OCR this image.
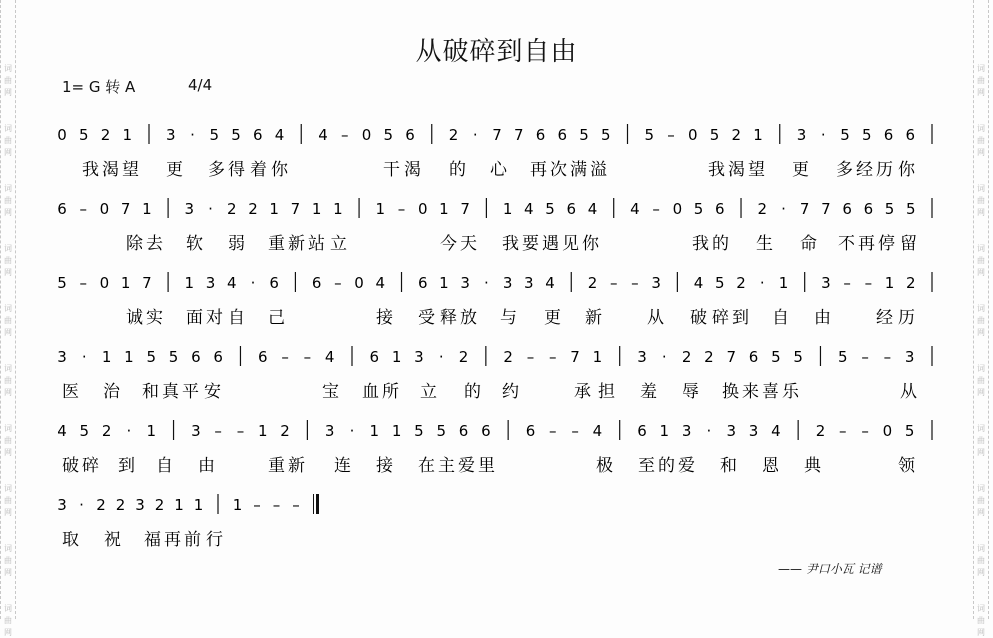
词
曲
网
词
曲
网
词
曲
网
词
曲
网
词
曲
网
词
曲
网
词
曲
网
词
曲
网
词
曲
网
词
曲
网
词
曲
网
词
曲
网
词
曲
网
词
曲
网
词
曲
网
词
曲
网
词
曲
网
词
曲
网
词
曲
网
词
曲
网
从破碎到自由
1= G 转 A	4/4
0 5 2 1 3 · 5 5 6 4 4 – 0 5 6 2 · 7 7 6 6 5 5 5 – 0 5 2 1 3 · 5 5 6 6
我 渴 望 更 多 得 着 你	干 渴 的 心 再 次 满 溢	我 渴 望 更 多 经 历 你
6 – 0 7 1 3 · 2 2 1 7 1 1 1 – 0 1 7 1 4 5 6 4 4 – 0 5 6 2 · 7 7 6 6 5 5
除 去 软 弱 重 新 站 立	今 天 我 要 遇 见 你	我 的 生 命 不 再 停 留
5 – 0 1 7 1 3 4 · 6 6 – 0 4 6 1 3 · 3 3 4 2 – – 3 4 5 2 · 1 3 – – 1 2
诚 实 面 对 自 己	接 受 释 放 与 更 新	从 破 碎 到 自 由	经 历
3 · 1 1 5 5 6 6 6 – – 4 6 1 3 · 2 2 – – 7 1 3 · 2 2 7 6 5 5 5 – – 3
医 治 和 真 平 安	宝 血 所 立 的 约	承 担 羞 辱 换 来 喜 乐	从
4 5 2 · 1 3 – – 1 2 3 · 1 1 5 5 6 6 6 – – 4 6 1 3 · 3 3 4 2 – – 0 5
破 碎 到 自 由	重 新 连 接 在 主 爱 里	极 至 的 爱 和 恩 典	领
3 · 2 2 3 2 1 1 1 – – –
取 祝 福 再 前 行
—— 尹口小瓦 记谱
